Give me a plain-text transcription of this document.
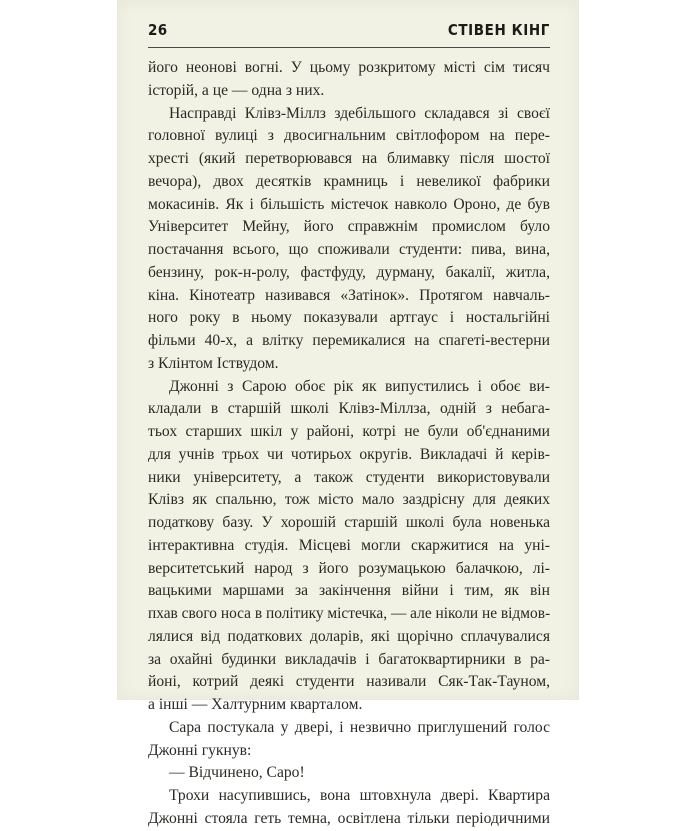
26	СТІВЕН КІНГ
його неонові вогні. У цьому розкритому місті сім тисяч
історій, а це — одна з них.
Насправді Клівз-Міллз здебільшого складався зі своєї
головної вулиці з двосигнальним світлофором на пере-
хресті (який перетворювався на блимавку після шостої
вечора), двох десятків крамниць і невеликої фабрики
мокасинів. Як і більшість містечок навколо Ороно, де був
Університет Мейну, його справжнім промислом було
постачання всього, що споживали студенти: пива, вина,
бензину, рок-н-ролу, фастфуду, дурману, бакалії, житла,
кіна. Кінотеатр називався «Затінок». Протягом навчаль-
ного року в ньому показували артгаус і ностальгійні
фільми 40-х, а влітку перемикалися на спагеті-вестерни
з Клінтом Іствудом.
Джонні з Сарою обоє рік як випустились і обоє ви-
кладали в старшій школі Клівз-Міллза, одній з небага-
тьох старших шкіл у районі, котрі не були об'єднаними
для учнів трьох чи чотирьох округів. Викладачі й керів-
ники університету, а також студенти використовували
Клівз як спальню, тож місто мало заздрісну для деяких
податкову базу. У хорошій старшій школі була новенька
інтерактивна студія. Місцеві могли скаржитися на уні-
верситетський народ з його розумацькою балачкою, лі-
вацькими маршами за закінчення війни і тим, як він
пхав свого носа в політику містечка, — але ніколи не відмов-
лялися від податкових доларів, які щорічно сплачувалися
за охайні будинки викладачів і багатоквартирники в ра-
йоні, котрий деякі студенти називали Сяк-Так-Тауном,
а інші — Халтурним кварталом.
Сара постукала у двері, і незвично приглушений голос
Джонні гукнув:
— Відчинено, Саро!
Трохи насупившись, вона штовхнула двері. Квартира
Джонні стояла геть темна, освітлена тільки періодичними
